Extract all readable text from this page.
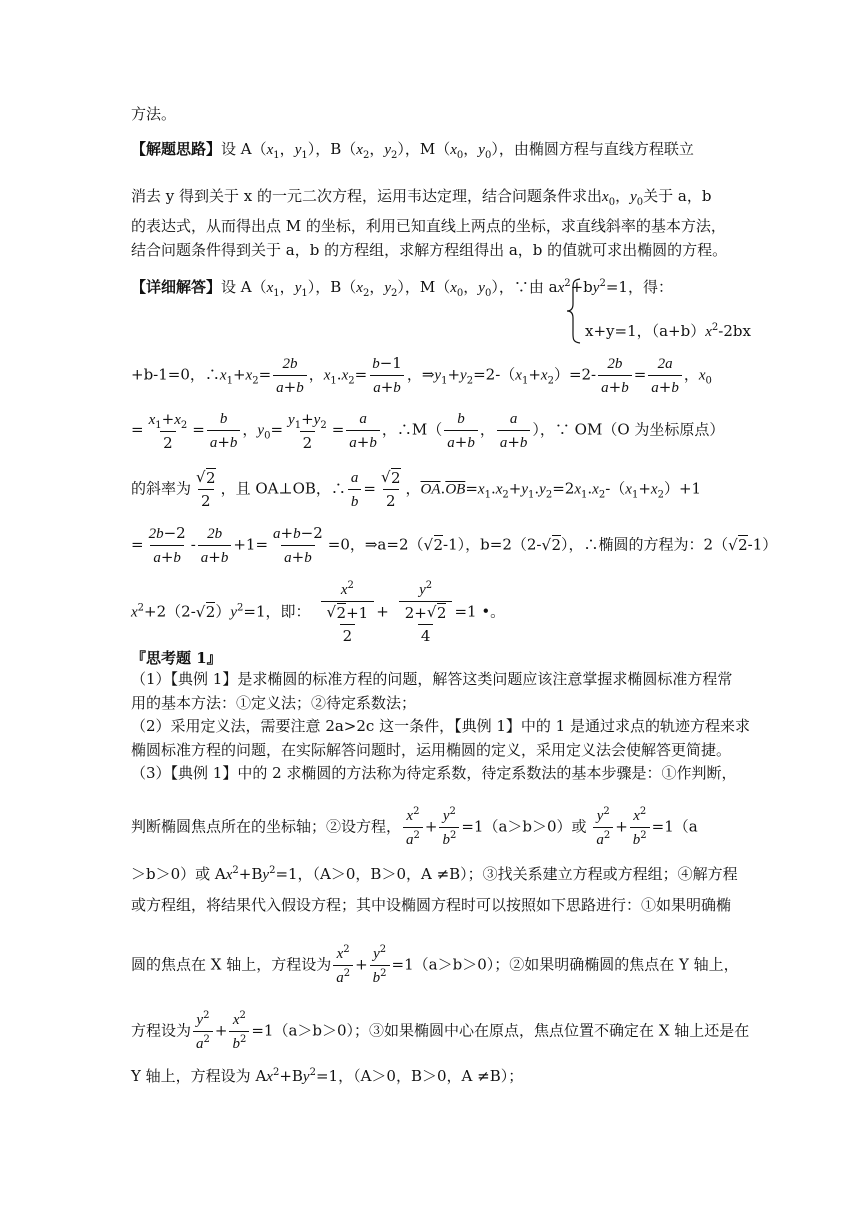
方法。
【解题思路】设 $A(x_1$，$y_1$），$B(x_2$，$y_2$），$M(x_0$，$y_0$），由椭圆方程与直线方程联立
消去 y 得到关于 x 的一元二次方程，运用韦达定理，结合问题条件求出$x_0$，$y_0$关于 a，b
的表达式，从而得出点 M 的坐标，利用已知直线上两点的坐标，求直线斜率的基本方法，
结合问题条件得到关于 a，b 的方程组，求解方程组得出 a，b 的值就可求出椭圆的方程。
【详细解答】设 $A(x_1$，$y_1$），$B(x_2$，$y_2$），$M(x_0$，$y_0$），∵由 $ax^2+by^2=1$，得：
x+y=1，$(a+b)x^2-2bx$
+b-1=0，$\therefore x_1+x_2= \frac{2b}{a+b}$ ，$x_1.x_2= \frac{b-1}{a+b}$ ，$\Rightarrow y_1+y_2=2-(x_1+x_2)=2- \frac{2b}{a+b} = \frac{2a}{a+b}$ ，$x_0$
= $\frac{x_1+x_2}{2} = \frac{b}{a+b}$ ，$y_0= \frac{y_1+y_2}{2} = \frac{a}{a+b}$ ，∴M（ $\frac{b}{a+b}$ ， $\frac{a}{a+b}$ ），∵ OM（O 为坐标原点）
的斜率为 √ $\frac{2}{2}$ ，且 OA⊥OB，∴ $\frac{a}{b}$ = √ $\frac{2}{2}$ ，$\overline{OA}.\overline{OB}=x_1.x_2+y_1.y_2=2x_1.x_2-(x_1+x_2)+1$
= $\frac{2b-2}{a+b} - \frac{2b}{a+b} +1= \frac{a+b-2}{a+b} =0$，⇒a=2（ √ 2-1），b=2（2- √ 2），∴椭圆的方程为：2（ √ 2-1）
$x^2+2(2-$ √ $2)y^2=1$，即： $x^2$
√ $\frac{2+1}{2} + \frac{y^2}{\frac{2+ √ 2}{4}} =1$ •。
『思考题 1』
（1）【典例 1】是求椭圆的标准方程的问题，解答这类问题应该注意掌握求椭圆标准方程常
用的基本方法：①定义法；②待定系数法；
（2）采用定义法，需要注意 2a>2c 这一条件，【典例 1】中的 1 是通过求点的轨迹方程来求
椭圆标准方程的问题，在实际解答问题时，运用椭圆的定义，采用定义法会使解答更简捷。
（3）【典例 1】中的 2 求椭圆的方法称为待定系数，待定系数法的基本步骤是：①作判断，
判断椭圆焦点所在的坐标轴；②设方程， $\frac{x^2}{a^2} + \frac{y^2}{b^2} =1(a>b>0)$或 $\frac{y^2}{a^2} + \frac{x^2}{b^2} =1(a$
＞b＞0）或 $Ax^2+By^2=1$，（A＞0，B＞0，A ≠B）；③找关系建立方程或方程组；④解方程
或方程组，将结果代入假设方程；其中设椭圆方程时可以按照如下思路进行：①如果明确椭
圆的焦点在 X 轴上，方程设为 $\frac{x^2}{a^2} + \frac{y^2}{b^2} =1(a>b>0)$；②如果明确椭圆的焦点在 Y 轴上，
方程设为 $\frac{y^2}{a^2} + \frac{x^2}{b^2} =1(a>b>0)$；③如果椭圆中心在原点，焦点位置不确定在 X 轴上还是在
Y 轴上，方程设为 $Ax^2+By^2=1$，（A＞0，B＞0，A ≠B）；
